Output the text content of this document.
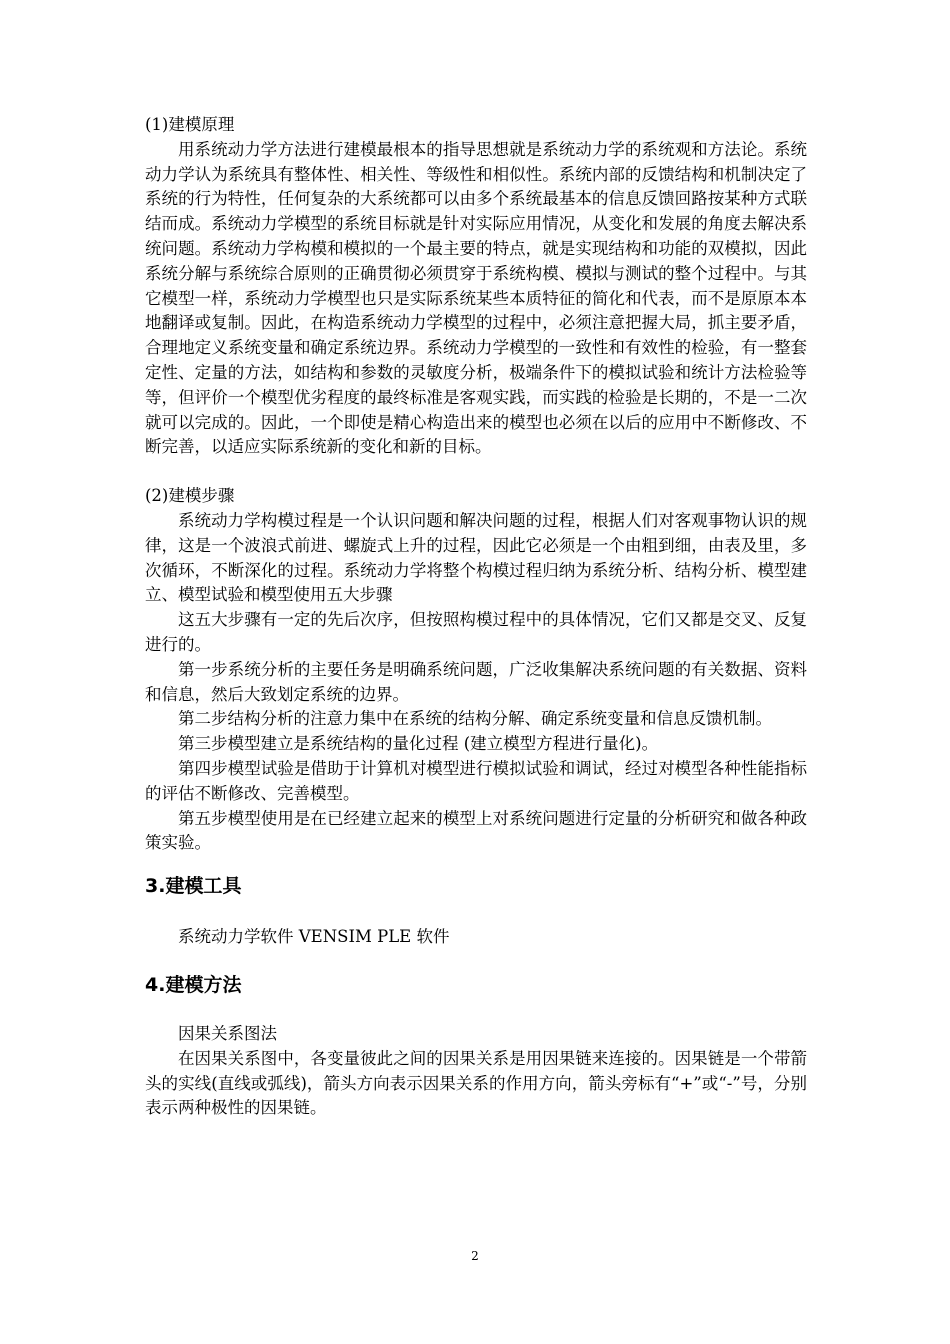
(1)建模原理

用系统动力学方法进行建模最根本的指导思想就是系统动力学的系统观和方法论。系统动力学认为系统具有整体性、相关性、等级性和相似性。系统内部的反馈结构和机制决定了系统的行为特性，任何复杂的大系统都可以由多个系统最基本的信息反馈回路按某种方式联结而成。系统动力学模型的系统目标就是针对实际应用情况，从变化和发展的角度去解决系统问题。系统动力学构模和模拟的一个最主要的特点，就是实现结构和功能的双模拟，因此系统分解与系统综合原则的正确贯彻必须贯穿于系统构模、模拟与测试的整个过程中。与其它模型一样，系统动力学模型也只是实际系统某些本质特征的简化和代表，而不是原原本本地翻译或复制。因此，在构造系统动力学模型的过程中，必须注意把握大局，抓主要矛盾，合理地定义系统变量和确定系统边界。系统动力学模型的一致性和有效性的检验，有一整套定性、定量的方法，如结构和参数的灵敏度分析，极端条件下的模拟试验和统计方法检验等等，但评价一个模型优劣程度的最终标准是客观实践，而实践的检验是长期的，不是一二次就可以完成的。因此，一个即使是精心构造出来的模型也必须在以后的应用中不断修改、不断完善，以适应实际系统新的变化和新的目标。

(2)建模步骤

系统动力学构模过程是一个认识问题和解决问题的过程，根据人们对客观事物认识的规律，这是一个波浪式前进、螺旋式上升的过程，因此它必须是一个由粗到细，由表及里，多次循环，不断深化的过程。系统动力学将整个构模过程归纳为系统分析、结构分析、模型建立、模型试验和模型使用五大步骤

这五大步骤有一定的先后次序，但按照构模过程中的具体情况，它们又都是交叉、反复进行的。

第一步系统分析的主要任务是明确系统问题，广泛收集解决系统问题的有关数据、资料和信息，然后大致划定系统的边界。

第二步结构分析的注意力集中在系统的结构分解、确定系统变量和信息反馈机制。

第三步模型建立是系统结构的量化过程 (建立模型方程进行量化)。

第四步模型试验是借助于计算机对模型进行模拟试验和调试，经过对模型各种性能指标的评估不断修改、完善模型。

第五步模型使用是在已经建立起来的模型上对系统问题进行定量的分析研究和做各种政策实验。

3.建模工具

系统动力学软件 VENSIM PLE 软件

4.建模方法

因果关系图法

在因果关系图中，各变量彼此之间的因果关系是用因果链来连接的。因果链是一个带箭头的实线(直线或弧线)，箭头方向表示因果关系的作用方向，箭头旁标有“+”或“-”号，分别表示两种极性的因果链。

2
